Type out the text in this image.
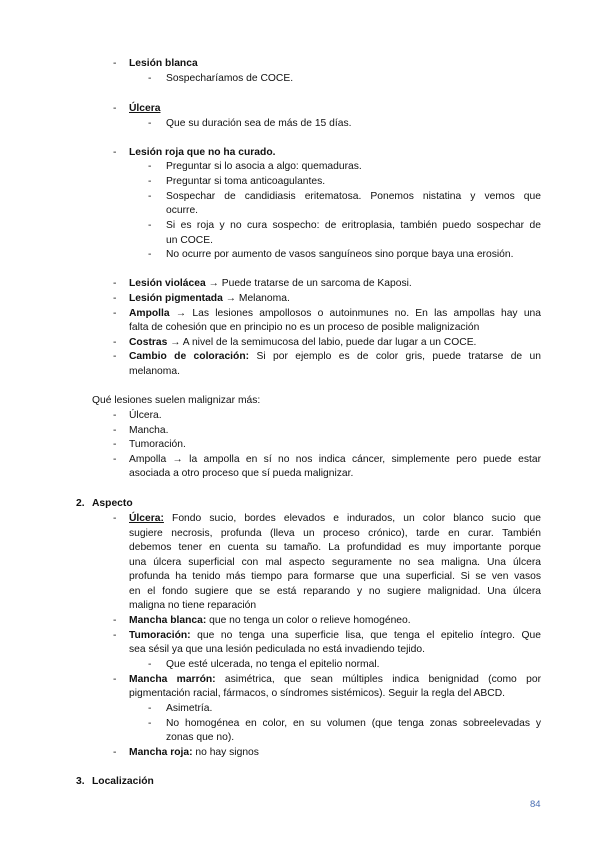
- Lesión blanca
- Sospecharíamos de COCE.
- Úlcera
- Que su duración sea de más de 15 días.
- Lesión roja que no ha curado.
- Preguntar si lo asocia a algo: quemaduras.
- Preguntar si toma anticoagulantes.
- Sospechar de candidiasis eritematosa. Ponemos nistatina y vemos que
ocurre.
- Si es roja y no cura sospecho: de eritroplasia, también puedo sospechar de
un COCE.
- No ocurre por aumento de vasos sanguíneos sino porque baya una erosión.
- Lesión violácea → Puede tratarse de un sarcoma de Kaposi.
- Lesión pigmentada → Melanoma.
- Ampolla → Las lesiones ampollosos o autoinmunes no. En las ampollas hay una
falta de cohesión que en principio no es un proceso de posible malignización
- Costras → A nivel de la semimucosa del labio, puede dar lugar a un COCE.
- Cambio de coloración: Si por ejemplo es de color gris, puede tratarse de un
melanoma.
Qué lesiones suelen malignizar más:
- Úlcera.
- Mancha.
- Tumoración.
- Ampolla → la ampolla en sí no nos indica cáncer, simplemente pero puede estar
asociada a otro proceso que sí pueda malignizar.
2. Aspecto
- Úlcera: Fondo sucio, bordes elevados e indurados, un color blanco sucio que
sugiere necrosis, profunda (lleva un proceso crónico), tarde en curar. También
debemos tener en cuenta su tamaño. La profundidad es muy importante porque
una úlcera superficial con mal aspecto seguramente no sea maligna. Una úlcera
profunda ha tenido más tiempo para formarse que una superficial. Si se ven vasos
en el fondo sugiere que se está reparando y no sugiere malignidad. Una úlcera
maligna no tiene reparación
- Mancha blanca: que no tenga un color o relieve homogéneo.
- Tumoración: que no tenga una superficie lisa, que tenga el epitelio íntegro. Que
sea sésil ya que una lesión pediculada no está invadiendo tejido.
- Que esté ulcerada, no tenga el epitelio normal.
- Mancha marrón: asimétrica, que sean múltiples indica benignidad (como por
pigmentación racial, fármacos, o síndromes sistémicos). Seguir la regla del ABCD.
- Asimetría.
- No homogénea en color, en su volumen (que tenga zonas sobreelevadas y
zonas que no).
- Mancha roja: no hay signos
3. Localización
84
